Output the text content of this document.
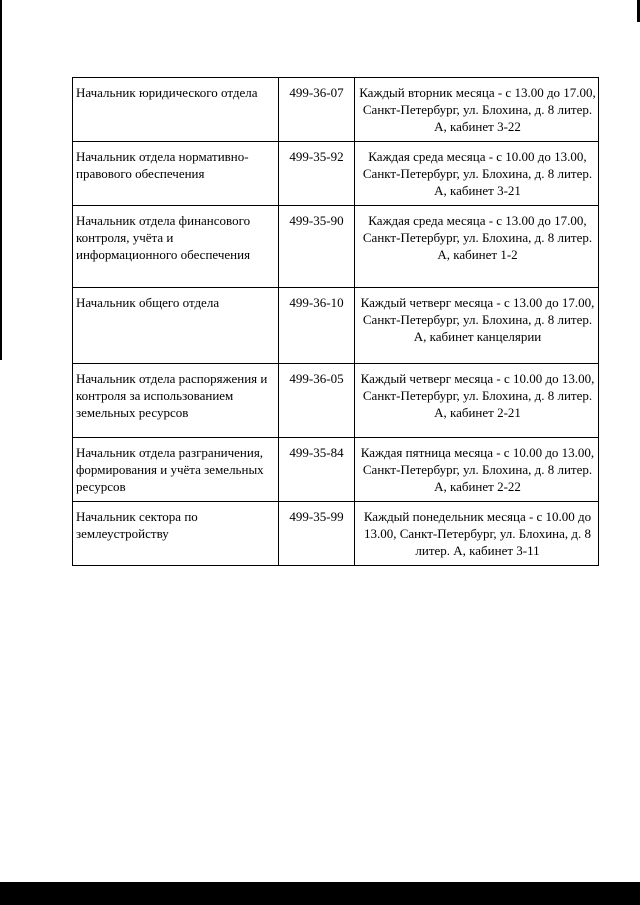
Начальник юридического отдела	499-36-07	Каждый вторник месяца - с 13.00 до 17.00, Санкт-Петербург, ул. Блохина, д. 8 литер. А, кабинет 3-22
Начальник отдела нормативно-правового обеспечения	499-35-92	Каждая среда месяца - с 10.00 до 13.00, Санкт-Петербург, ул. Блохина, д. 8 литер. А, кабинет 3-21
Начальник отдела финансового контроля, учёта и информационного обеспечения	499-35-90	Каждая среда месяца - с 13.00 до 17.00, Санкт-Петербург, ул. Блохина, д. 8 литер. А, кабинет 1-2
Начальник общего отдела	499-36-10	Каждый четверг месяца - с 13.00 до 17.00, Санкт-Петербург, ул. Блохина, д. 8 литер. А, кабинет канцелярии
Начальник отдела распоряжения и контроля за использованием земельных ресурсов	499-36-05	Каждый четверг месяца - с 10.00 до 13.00, Санкт-Петербург, ул. Блохина, д. 8 литер. А, кабинет 2-21
Начальник отдела разграничения, формирования и учёта земельных ресурсов	499-35-84	Каждая пятница месяца - с 10.00 до 13.00, Санкт-Петербург, ул. Блохина, д. 8 литер. А, кабинет 2-22
Начальник сектора по землеустройству	499-35-99	Каждый понедельник месяца - с 10.00 до 13.00, Санкт-Петербург, ул. Блохина, д. 8 литер. А, кабинет 3-11
